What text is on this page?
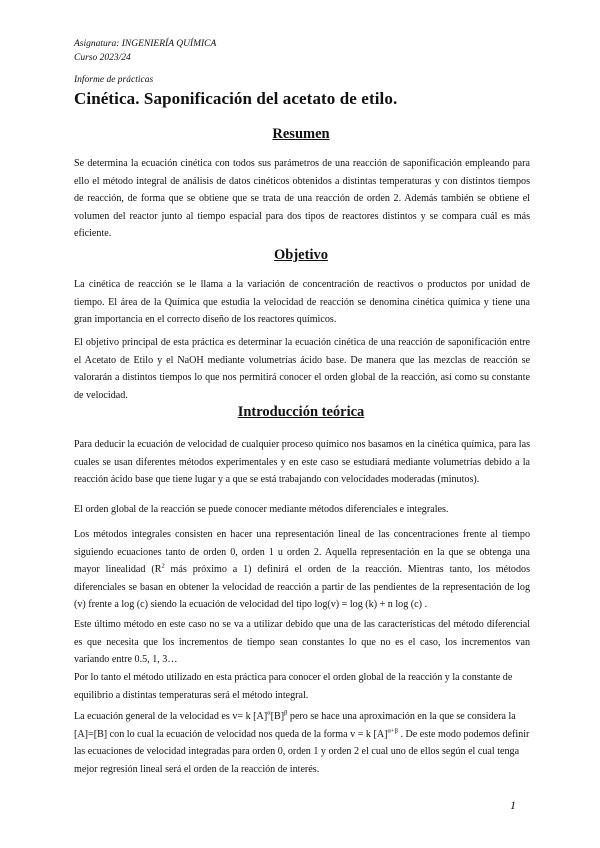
Asignatura: INGENIERÍA QUÍMICA
Curso 2023/24
Informe de prácticas
Cinética. Saponificación del acetato de etilo.
Resumen

Se determina la ecuación cinética con todos sus parámetros de una reacción de saponificación empleando para ello el método integral de análisis de datos cinéticos obtenidos a distintas temperaturas y con distintos tiempos de reacción, de forma que se obtiene que se trata de una reacción de orden 2. Además también se obtiene el volumen del reactor junto al tiempo espacial para dos tipos de reactores distintos y se compara cuál es más eficiente.

Objetivo

La cinética de reacción se le llama a la variación de concentración de reactivos o productos por unidad de tiempo. El área de la Química que estudia la velocidad de reacción se denomina cinética química y tiene una gran importancia en el correcto diseño de los reactores químicos.

El objetivo principal de esta práctica es determinar la ecuación cinética de una reacción de saponificación entre el Acetato de Etilo y el NaOH mediante volumetrías ácido base. De manera que las mezclas de reacción se valorarán a distintos tiempos lo que nos permitirá conocer el orden global de la reacción, así como su constante de velocidad.

Introducción teórica

Para deducir la ecuación de velocidad de cualquier proceso químico nos basamos en la cinética química, para las cuales se usan diferentes métodos experimentales y en este caso se estudiará mediante volumetrías debido a la reacción ácido base que tiene lugar y a que se está trabajando con velocidades moderadas (minutos).

El orden global de la reacción se puede conocer mediante métodos diferenciales e integrales.

Los métodos integrales consisten en hacer una representación lineal de las concentraciones frente al tiempo siguiendo ecuaciones tanto de orden 0, orden 1 u orden 2. Aquella representación en la que se obtenga una mayor linealidad ($R^2$ más próximo a 1) definirá el orden de la reacción. Mientras tanto, los métodos diferenciales se basan en obtener la velocidad de reacción a partir de las pendientes de la representación de log (v) frente a log (c) siendo la ecuación de velocidad del tipo log(v) = log (k) + n log (c) .

Este último método en este caso no se va a utilizar debido que una de las características del método diferencial es que necesita que los incrementos de tiempo sean constantes lo que no es el caso, los incrementos van variando entre 0.5, 1, 3…

Por lo tanto el método utilizado en esta práctica para conocer el orden global de la reacción y la constante de equilibrio a distintas temperaturas será el método integral.

La ecuación general de la velocidad es v= k $[A]^\alpha[B]^\beta$ pero se hace una aproximación en la que se considera la [A]=[B] con lo cual la ecuación de velocidad nos queda de la forma v = k $[A]^{\alpha+\beta}$ . De este modo podemos definir las ecuaciones de velocidad integradas para orden 0, orden 1 y orden 2 el cual uno de ellos según el cual tenga mejor regresión lineal será el orden de la reacción de interés.

1
